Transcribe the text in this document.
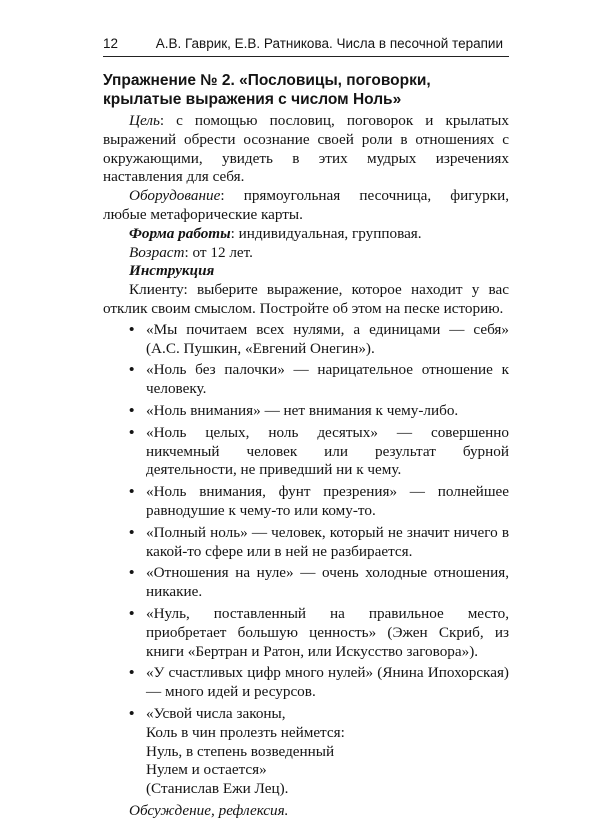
12	А.В. Гаврик, Е.В. Ратникова. Числа в песочной терапии
Упражнение № 2. «Пословицы, поговорки,
крылатые выражения с числом Ноль»

Цель: с помощью пословиц, поговорок и крылатых выражений обрести осознание своей роли в отношениях с окружающими, увидеть в этих мудрых изречениях наставления для себя.

Оборудование: прямоугольная песочница, фигурки, любые метафорические карты.

Форма работы: индивидуальная, групповая.

Возраст: от 12 лет.

Инструкция

Клиенту: выберите выражение, которое находит у вас отклик своим смыслом. Постройте об этом на песке историю.

• «Мы почитаем всех нулями, а единицами — себя» (А.С. Пушкин, «Евгений Онегин»).
• «Ноль без палочки» — нарицательное отношение к человеку.
• «Ноль внимания» — нет внимания к чему-либо.
• «Ноль целых, ноль десятых» — совершенно никчемный человек или результат бурной деятельности, не приведший ни к чему.
• «Ноль внимания, фунт презрения» — полнейшее равнодушие к чему-то или кому-то.
• «Полный ноль» — человек, который не значит ничего в какой-то сфере или в ней не разбирается.
• «Отношения на нуле» — очень холодные отношения, никакие.
• «Нуль, поставленный на правильное место, приобретает большую ценность» (Эжен Скриб, из книги «Бертран и Ратон, или Искусство заговора»).
• «У счастливых цифр много нулей» (Янина Ипохорская) — много идей и ресурсов.
• «Усвой числа законы,
Коль в чин пролезть неймется:
Нуль, в степень возведенный
Нулем и остается»
(Станислав Ежи Лец).
Обсуждение, рефлексия.
